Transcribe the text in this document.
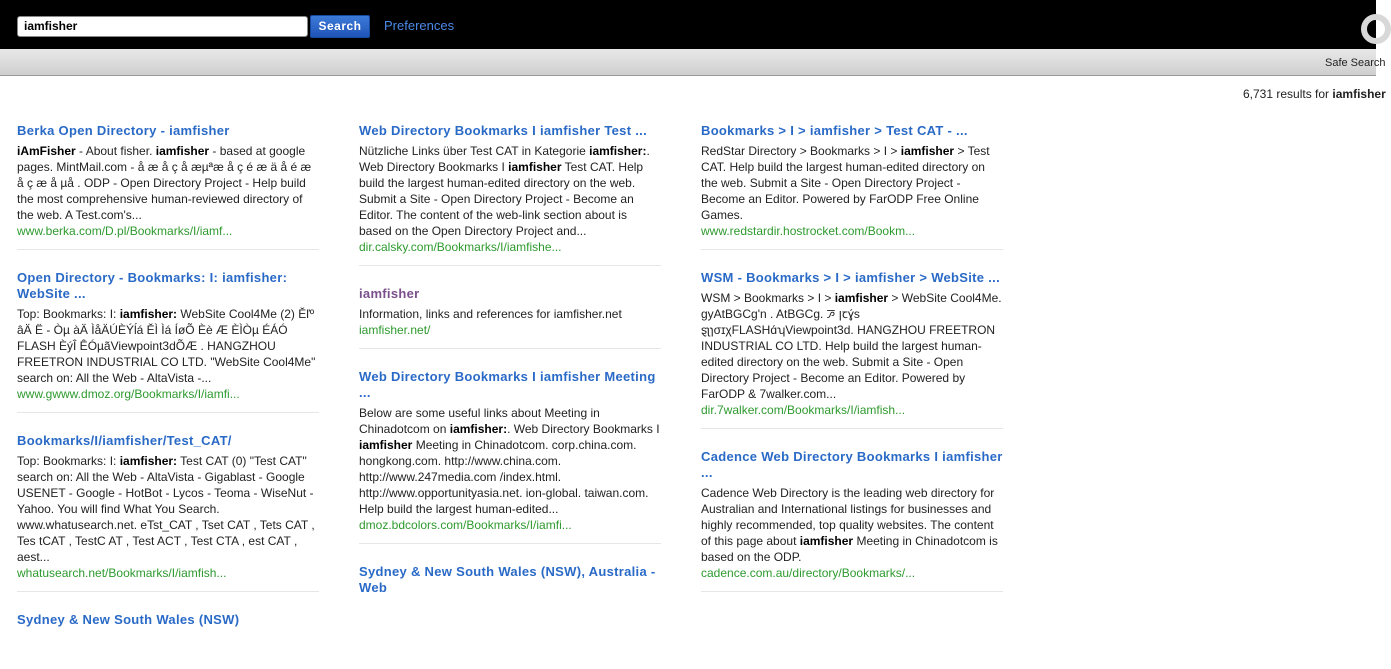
iamfisher	Search	Preferences
Safe Search
6,731 results for iamfisher
Berka Open Directory - iamfisher
iAmFisher - About fisher. iamfisher - based at google pages. MintMail.com - å æ å ç å æµªæ å ç é æ ä å é æ å ç æ å µå . ODP - Open Directory Project - Help build the most comprehensive human-reviewed directory of the web. A Test.com's...
www.berka.com/D.pl/Bookmarks/I/iamf...
Open Directory - Bookmarks: I: iamfisher: WebSite ...
Top: Bookmarks: I: iamfisher: WebSite Cool4Me (2) Ěľº âÄ Ë - Òµ àÄ ÌåÄÚÈÝĺá ĚÌ Ìá ÍøÕ Èè Æ ÈÌÒµ ÉÁÓ FLASH ÈýÎ ÊÓµãViewpoint3dÕÆ . HANGZHOU FREETRON INDUSTRIAL CO LTD. "WebSite Cool4Me" search on: All the Web - AltaVista -...
www.gwww.dmoz.org/Bookmarks/I/iamfi...
Bookmarks/I/iamfisher/Test_CAT/
Top: Bookmarks: I: iamfisher: Test CAT (0) "Test CAT" search on: All the Web - AltaVista - Gigablast - Google USENET - Google - HotBot - Lycos - Teoma - WiseNut - Yahoo. You will find What You Search. www.whatusearch.net. eTst_CAT , Tset CAT , Tets CAT , Tes tCAT , TestC AT , Test ACT , Test CTA , est CAT , aest...
whatusearch.net/Bookmarks/I/iamfish...
Sydney & New South Wales (NSW)
Web Directory Bookmarks I iamfisher Test ...
Nützliche Links über Test CAT in Kategorie iamfisher:. Web Directory Bookmarks I iamfisher Test CAT. Help build the largest human-edited directory on the web. Submit a Site - Open Directory Project - Become an Editor. The content of the web-link section about is based on the Open Directory Project and...
dir.calsky.com/Bookmarks/I/iamfishe...
iamfisher
Information, links and references for iamfisher.net
iamfisher.net/
Web Directory Bookmarks I iamfisher Meeting ...
Below are some useful links about Meeting in Chinadotcom on iamfisher:. Web Directory Bookmarks I iamfisher Meeting in Chinadotcom. corp.china.com. hongkong.com. http://www.china.com. http://www.247media.com /index.html. http://www.opportunityasia.net. ion-global. taiwan.com. Help build the largest human-edited...
dmoz.bdcolors.com/Bookmarks/I/iamfi...
Sydney & New South Wales (NSW), Australia - Web
Bookmarks > I > iamfisher > Test CAT - ...
RedStar Directory > Bookmarks > I > iamfisher > Test CAT. Help build the largest human-edited directory on the web. Submit a Site - Open Directory Project - Become an Editor. Powered by FarODP Free Online Games.
www.redstardir.hostrocket.com/Bookm...
WSM - Bookmarks > I > iamfisher > WebSite ...
WSM > Bookmarks > I > iamfisher > WebSite Cool4Me. gyAtBGCg'n . AtBGCg. ꯍ ꞁꞇɣ́s ȿʅɿσɪχFLASHɑ́ʮViewpoint3d. HANGZHOU FREETRON INDUSTRIAL CO LTD. Help build the largest human-edited directory on the web. Submit a Site - Open Directory Project - Become an Editor. Powered by FarODP & 7walker.com...
dir.7walker.com/Bookmarks/I/iamfish...
Cadence Web Directory Bookmarks I iamfisher ...
Cadence Web Directory is the leading web directory for Australian and International listings for businesses and highly recommended, top quality websites. The content of this page about iamfisher Meeting in Chinadotcom is based on the ODP.
cadence.com.au/directory/Bookmarks/...
